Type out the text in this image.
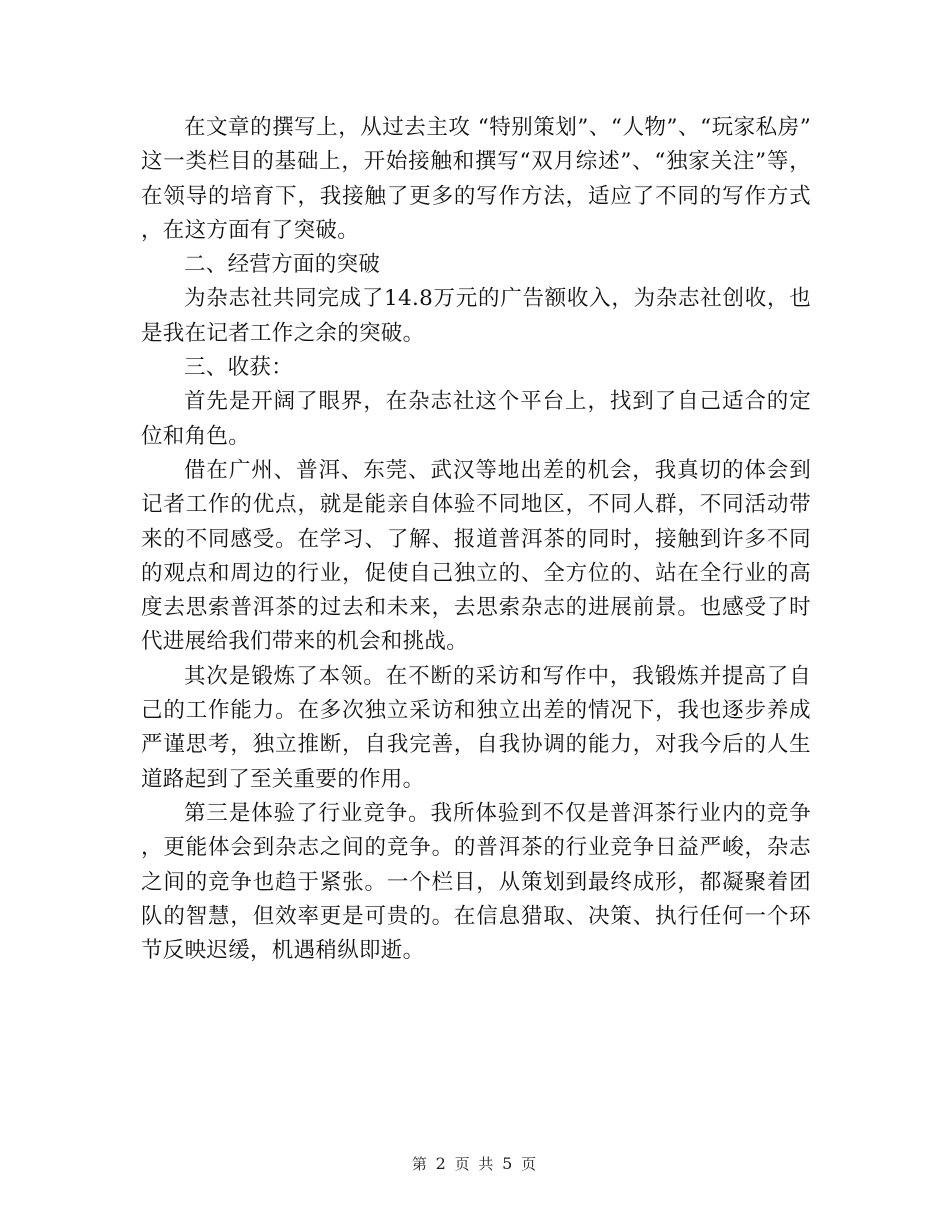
在文章的撰写上，从过去主攻 “特别策划”、“人物”、“玩家私房”这一类栏目的基础上，开始接触和撰写“双月综述”、“独家关注”等，在领导的培育下，我接触了更多的写作方法，适应了不同的写作方式，在这方面有了突破。

二、经营方面的突破

为杂志社共同完成了14.8万元的广告额收入，为杂志社创收，也是我在记者工作之余的突破。

三、收获：

首先是开阔了眼界，在杂志社这个平台上，找到了自己适合的定位和角色。

借在广州、普洱、东莞、武汉等地出差的机会，我真切的体会到记者工作的优点，就是能亲自体验不同地区，不同人群，不同活动带来的不同感受。在学习、了解、报道普洱茶的同时，接触到许多不同的观点和周边的行业，促使自己独立的、全方位的、站在全行业的高度去思索普洱茶的过去和未来，去思索杂志的进展前景。也感受了时代进展给我们带来的机会和挑战。

其次是锻炼了本领。在不断的采访和写作中，我锻炼并提高了自己的工作能力。在多次独立采访和独立出差的情况下，我也逐步养成严谨思考，独立推断，自我完善，自我协调的能力，对我今后的人生道路起到了至关重要的作用。

第三是体验了行业竞争。我所体验到不仅是普洱茶行业内的竞争，更能体会到杂志之间的竞争。的普洱茶的行业竞争日益严峻，杂志之间的竞争也趋于紧张。一个栏目，从策划到最终成形，都凝聚着团队的智慧，但效率更是可贵的。在信息猎取、决策、执行任何一个环节反映迟缓，机遇稍纵即逝。

第 2 页 共 5 页
